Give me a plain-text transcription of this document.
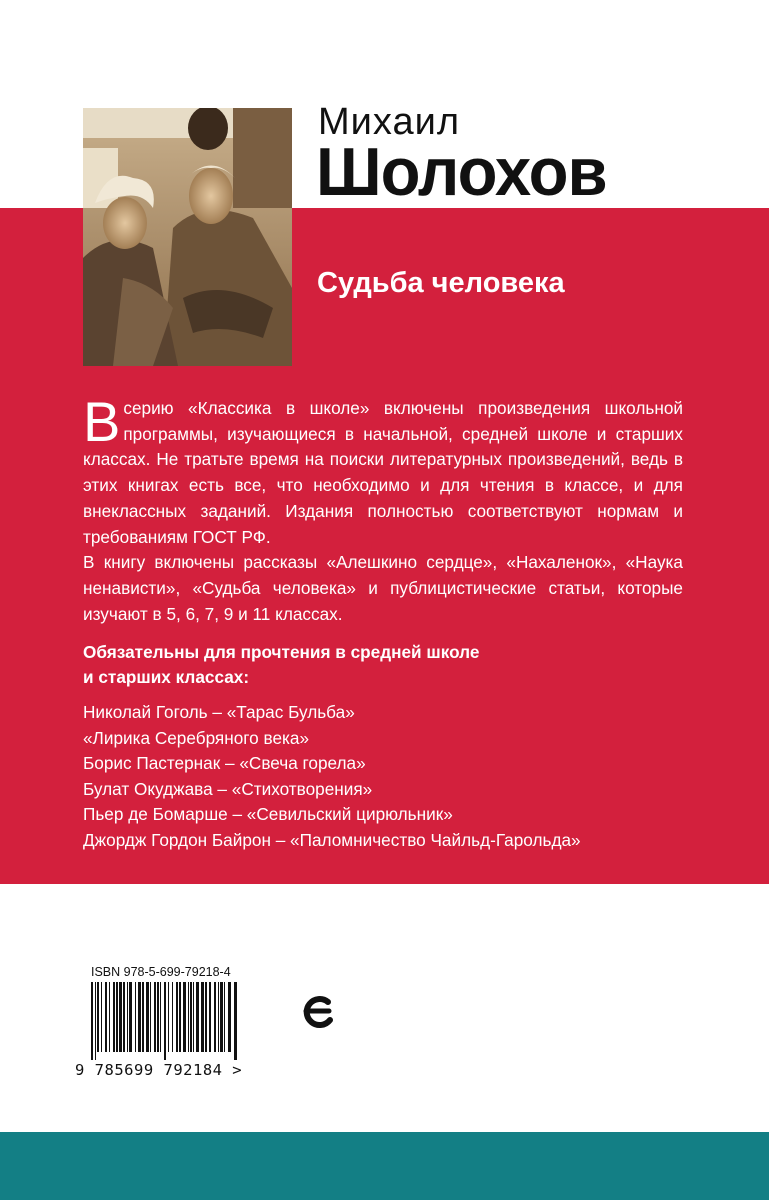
Михаил
Шолохов
Судьба человека

Всерию «Классика в школе» включены произведения школьной программы, изучающиеся в начальной, средней школе и старших классах. Не тратьте время на поиски литературных произведений, ведь в этих книгах есть все, что необходимо и для чтения в классе, и для внеклассных заданий. Издания полностью соответствуют нормам и требованиям ГОСТ РФ.

В книгу включены рассказы «Алешкино сердце», «Нахаленок», «Наука ненависти», «Судьба человека» и публицистические статьи, которые изучают в 5, 6, 7, 9 и 11 классах.

Обязательны для прочтения в средней школе
и старших классах:
Николай Гоголь – «Тарас Бульба»
«Лирика Серебряного века»
Борис Пастернак – «Свеча горела»
Булат Окуджава – «Стихотворения»
Пьер де Бомарше – «Севильский цирюльник»
Джордж Гордон Байрон – «Паломничество Чайльд-Гарольда»
ISBN 978-5-699-79218-4
9 785699 792184 >
